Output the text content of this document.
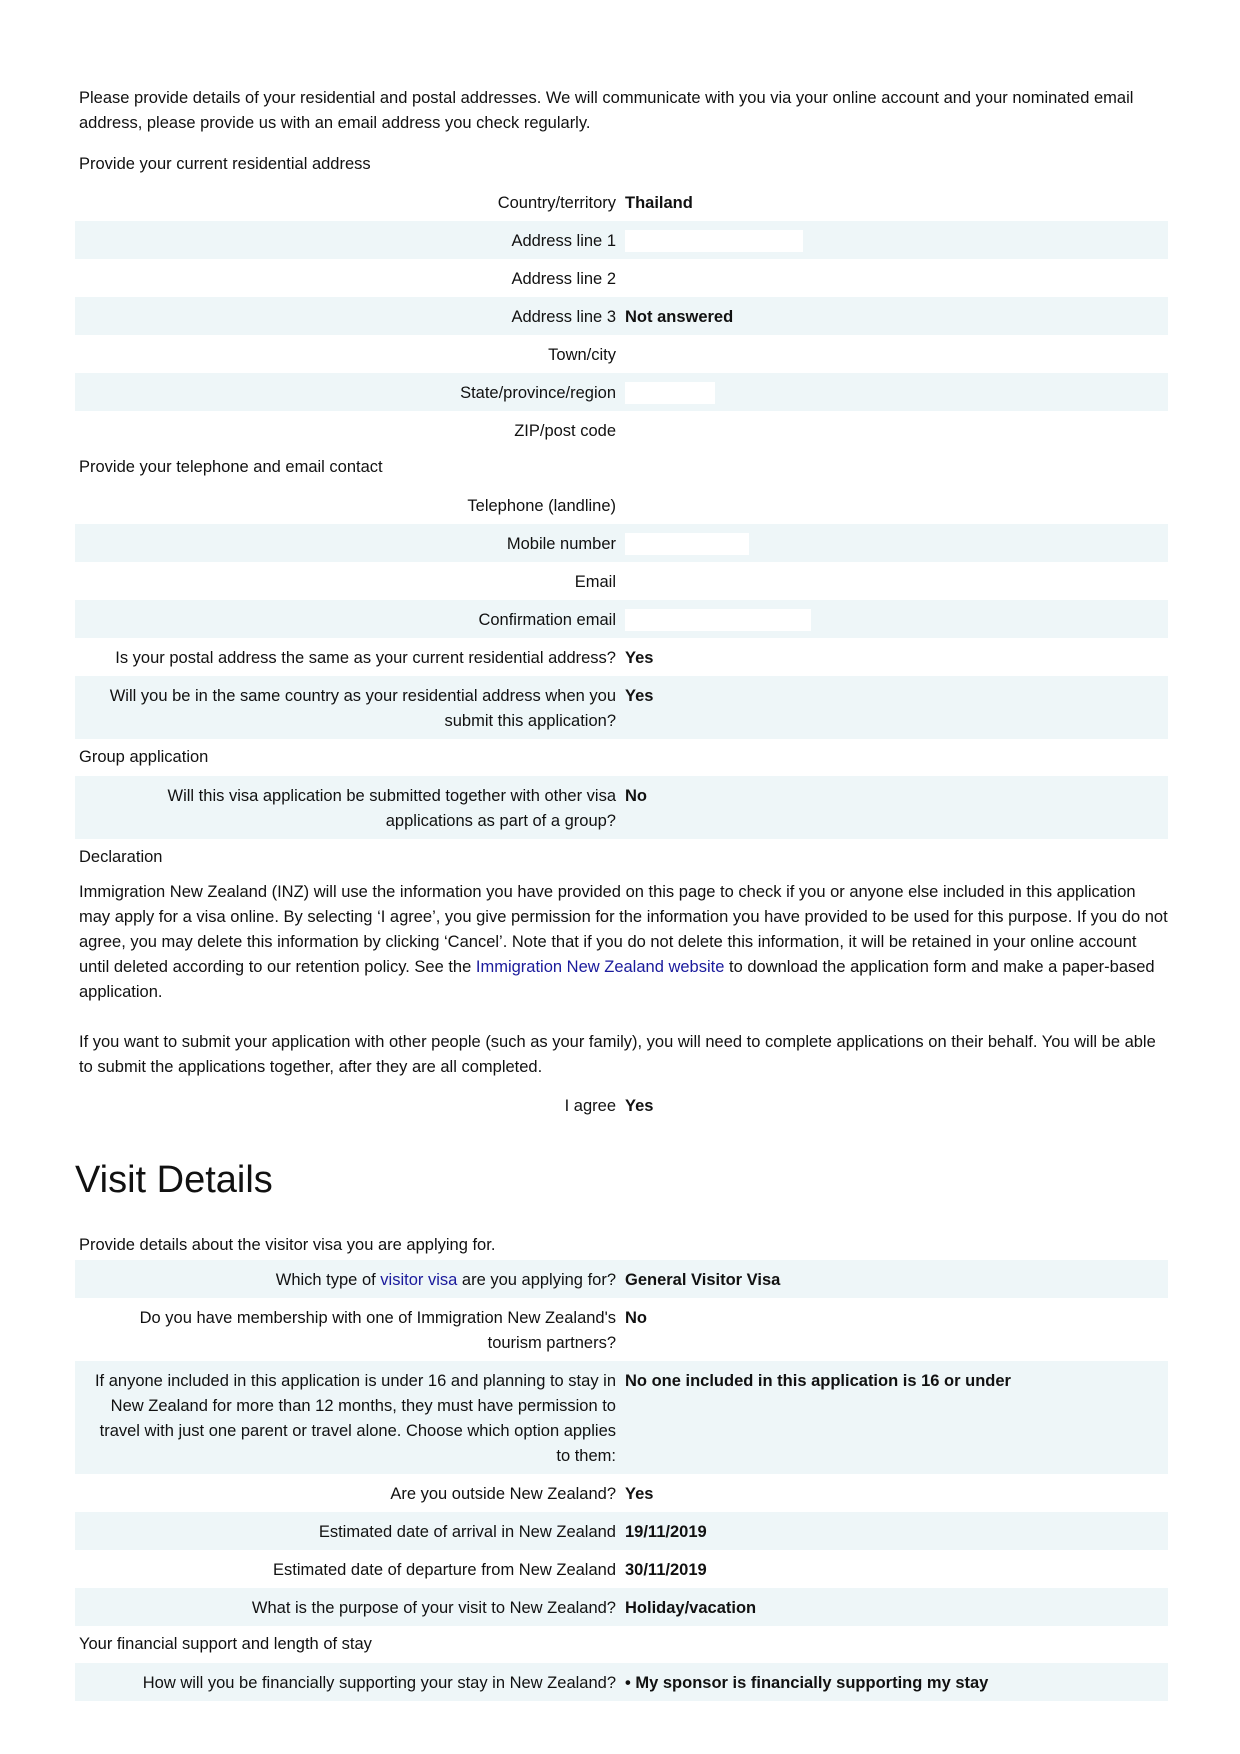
Please provide details of your residential and postal addresses. We will communicate with you via your online account and your nominated email address, please provide us with an email address you check regularly.

Provide your current residential address
Country/territory Thailand
Address line 1
Address line 2
Address line 3 Not answered
Town/city
State/province/region
ZIP/post code
Provide your telephone and email contact
Telephone (landline)
Mobile number
Email
Confirmation email
Is your postal address the same as your current residential address? Yes
Will you be in the same country as your residential address when you submit this application?
Yes
Group application
Will this visa application be submitted together with other visa applications as part of a group?
No
Declaration

Immigration New Zealand (INZ) will use the information you have provided on this page to check if you or anyone else included in this application may apply for a visa online. By selecting ‘I agree’, you give permission for the information you have provided to be used for this purpose. If you do not agree, you may delete this information by clicking ‘Cancel’. Note that if you do not delete this information, it will be retained in your online account until deleted according to our retention policy. See the Immigration New Zealand website to download the application form and make a paper-based application.

If you want to submit your application with other people (such as your family), you will need to complete applications on their behalf. You will be able to submit the applications together, after they are all completed.

I agree Yes
Visit Details
Provide details about the visitor visa you are applying for.
Which type of visitor visa are you applying for? General Visitor Visa
Do you have membership with one of Immigration New Zealand's tourism partners?
No
If anyone included in this application is under 16 and planning to stay in New Zealand for more than 12 months, they must have permission to travel with just one parent or travel alone. Choose which option applies to them:
No one included in this application is 16 or under
Are you outside New Zealand? Yes
Estimated date of arrival in New Zealand 19/11/2019
Estimated date of departure from New Zealand 30/11/2019
What is the purpose of your visit to New Zealand? Holiday/vacation
Your financial support and length of stay
How will you be financially supporting your stay in New Zealand? • My sponsor is financially supporting my stay
